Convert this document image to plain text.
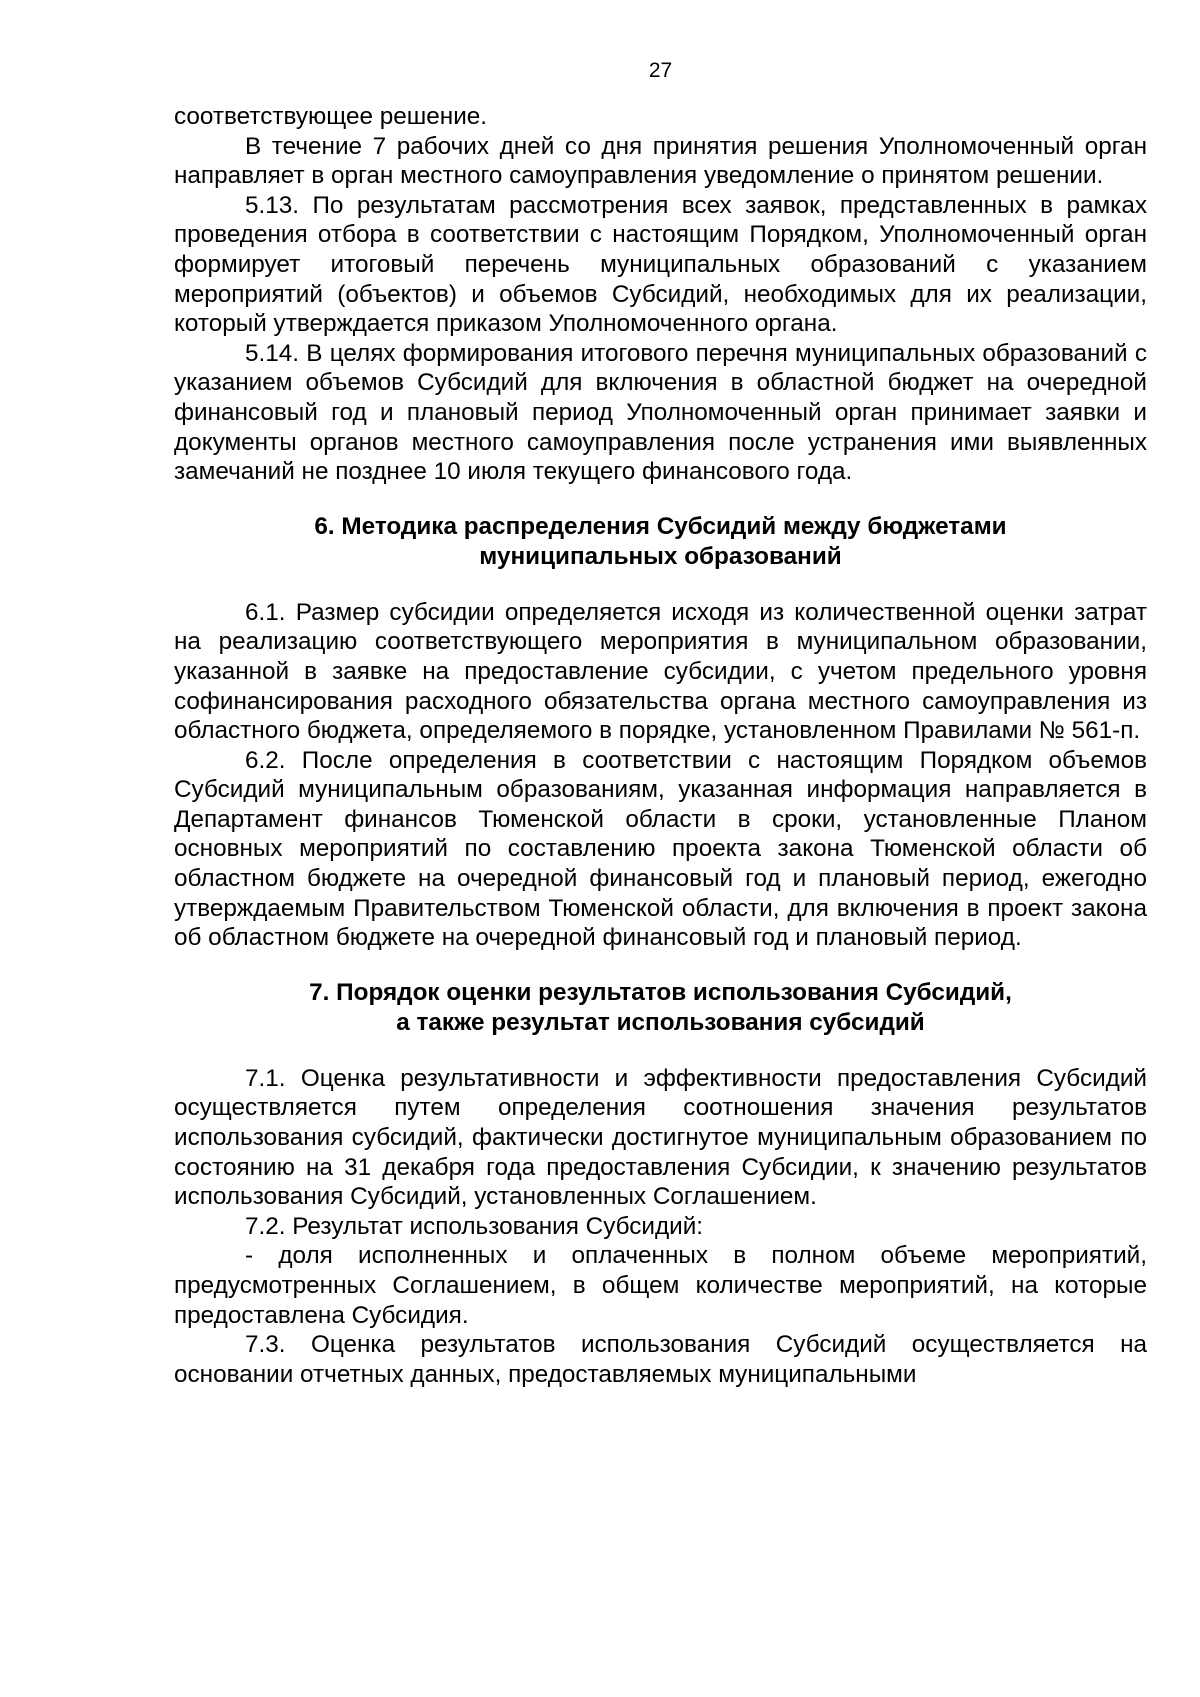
27

соответствующее решение.

В течение 7 рабочих дней со дня принятия решения Уполномоченный орган направляет в орган местного самоуправления уведомление о принятом решении.

5.13. По результатам рассмотрения всех заявок, представленных в рамках проведения отбора в соответствии с настоящим Порядком, Уполномоченный орган формирует итоговый перечень муниципальных образований с указанием мероприятий (объектов) и объемов Субсидий, необходимых для их реализации, который утверждается приказом Уполномоченного органа.

5.14. В целях формирования итогового перечня муниципальных образований с указанием объемов Субсидий для включения в областной бюджет на очередной финансовый год и плановый период Уполномоченный орган принимает заявки и документы органов местного самоуправления после устранения ими выявленных замечаний не позднее 10 июля текущего финансового года.

6. Методика распределения Субсидий между бюджетами

муниципальных образований

6.1. Размер субсидии определяется исходя из количественной оценки затрат на реализацию соответствующего мероприятия в муниципальном образовании, указанной в заявке на предоставление субсидии, с учетом предельного уровня софинансирования расходного обязательства органа местного самоуправления из областного бюджета, определяемого в порядке, установленном Правилами № 561-п.

6.2. После определения в соответствии с настоящим Порядком объемов Субсидий муниципальным образованиям, указанная информация направляется в Департамент финансов Тюменской области в сроки, установленные Планом основных мероприятий по составлению проекта закона Тюменской области об областном бюджете на очередной финансовый год и плановый период, ежегодно утверждаемым Правительством Тюменской области, для включения в проект закона об областном бюджете на очередной финансовый год и плановый период.

7. Порядок оценки результатов использования Субсидий,

а также результат использования субсидий

7.1. Оценка результативности и эффективности предоставления Субсидий осуществляется путем определения соотношения значения результатов использования субсидий, фактически достигнутое муниципальным образованием по состоянию на 31 декабря года предоставления Субсидии, к значению результатов использования Субсидий, установленных Соглашением.

7.2. Результат использования Субсидий:

- доля исполненных и оплаченных в полном объеме мероприятий, предусмотренных Соглашением, в общем количестве мероприятий, на которые предоставлена Субсидия.

7.3. Оценка результатов использования Субсидий осуществляется на основании отчетных данных, предоставляемых муниципальными
